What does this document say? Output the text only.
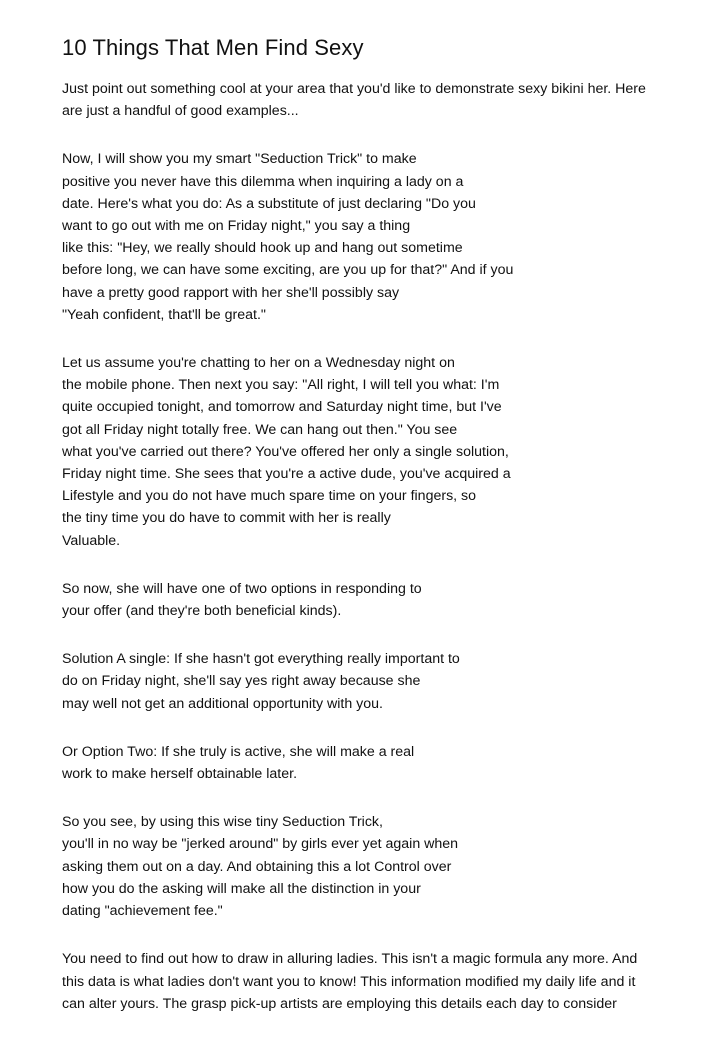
10 Things That Men Find Sexy
Just point out something cool at your area that you'd like to demonstrate sexy bikini her. Here
are just a handful of good examples...
Now, I will show you my smart "Seduction Trick" to make
positive you never have this dilemma when inquiring a lady on a
date. Here's what you do: As a substitute of just declaring "Do you
want to go out with me on Friday night," you say a thing
like this: "Hey, we really should hook up and hang out sometime
before long, we can have some exciting, are you up for that?" And if you
have a pretty good rapport with her she'll possibly say
"Yeah confident, that'll be great."
Let us assume you're chatting to her on a Wednesday night on
the mobile phone. Then next you say: "All right, I will tell you what: I'm
quite occupied tonight, and tomorrow and Saturday night time, but I've
got all Friday night totally free. We can hang out then." You see
what you've carried out there? You've offered her only a single solution,
Friday night time. She sees that you're a active dude, you've acquired a
Lifestyle and you do not have much spare time on your fingers, so
the tiny time you do have to commit with her is really
Valuable.
So now, she will have one of two options in responding to
your offer (and they're both beneficial kinds).
Solution A single: If she hasn't got everything really important to
do on Friday night, she'll say yes right away because she
may well not get an additional opportunity with you.
Or Option Two: If she truly is active, she will make a real
work to make herself obtainable later.
So you see, by using this wise tiny Seduction Trick,
you'll in no way be "jerked around" by girls ever yet again when
asking them out on a day. And obtaining this a lot Control over
how you do the asking will make all the distinction in your
dating "achievement fee."
You need to find out how to draw in alluring ladies. This isn't a magic formula any more. And
this data is what ladies don't want you to know! This information modified my daily life and it
can alter yours. The grasp pick-up artists are employing this details each day to consider
